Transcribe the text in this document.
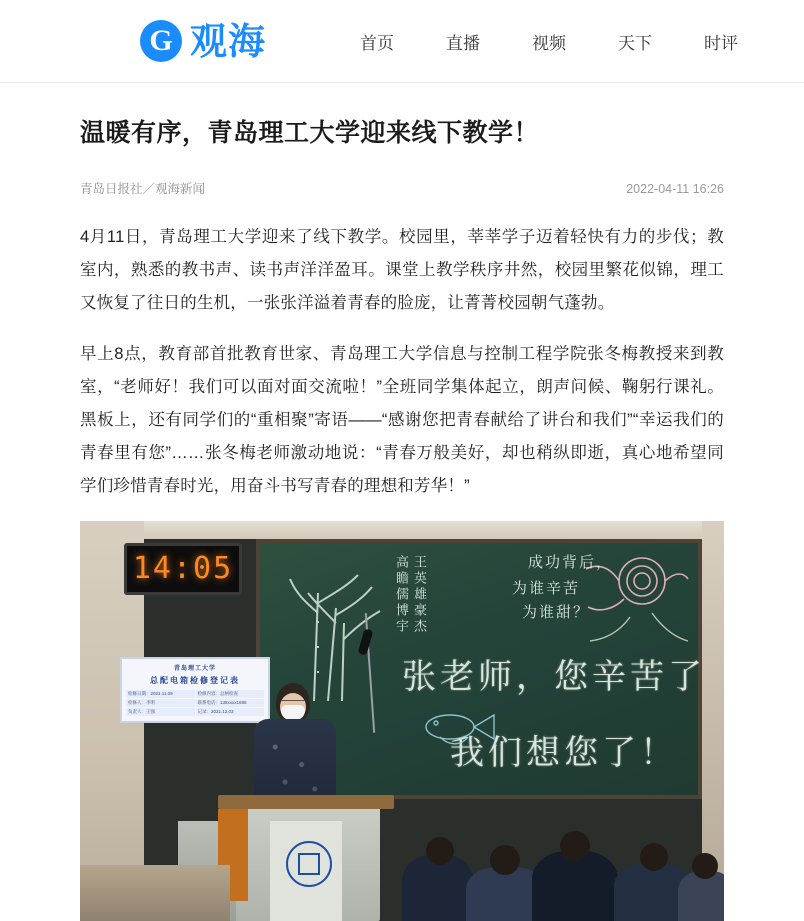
G 观海	首页	直播	视频	天下	时评
温暖有序，青岛理工大学迎来线下教学！
青岛日报社／观海新闻	2022-04-11 16:26

4月11日，青岛理工大学迎来了线下教学。校园里，莘莘学子迈着轻快有力的步伐；教室内，熟悉的教书声、读书声洋洋盈耳。课堂上教学秩序井然，校园里繁花似锦，理工又恢复了往日的生机，一张张洋溢着青春的脸庞，让菁菁校园朝气蓬勃。

早上8点，教育部首批教育世家、青岛理工大学信息与控制工程学院张冬梅教授来到教室，“老师好！我们可以面对面交流啦！”全班同学集体起立，朗声问候、鞠躬行课礼。黑板上，还有同学们的“重相聚”寄语——“感谢您把青春献给了讲台和我们”“幸运我们的青春里有您”……张冬梅老师激动地说：“青春万般美好，却也稍纵即逝，真心地希望同学们珍惜青春时光，用奋斗书写青春的理想和芳华！”

王英雄豪杰
高瞻儒博宇	成功背后，
为谁辛苦
为谁甜？
张老师，您辛苦了
我们想您了！
14:05
青岛理工大学
总配电箱检修登记表
检修日期：2021.11.09	检修内容：总闸检查
检修人：李明	联系电话：138xxxx1688
负责人：王强	记录：2021.12.03
